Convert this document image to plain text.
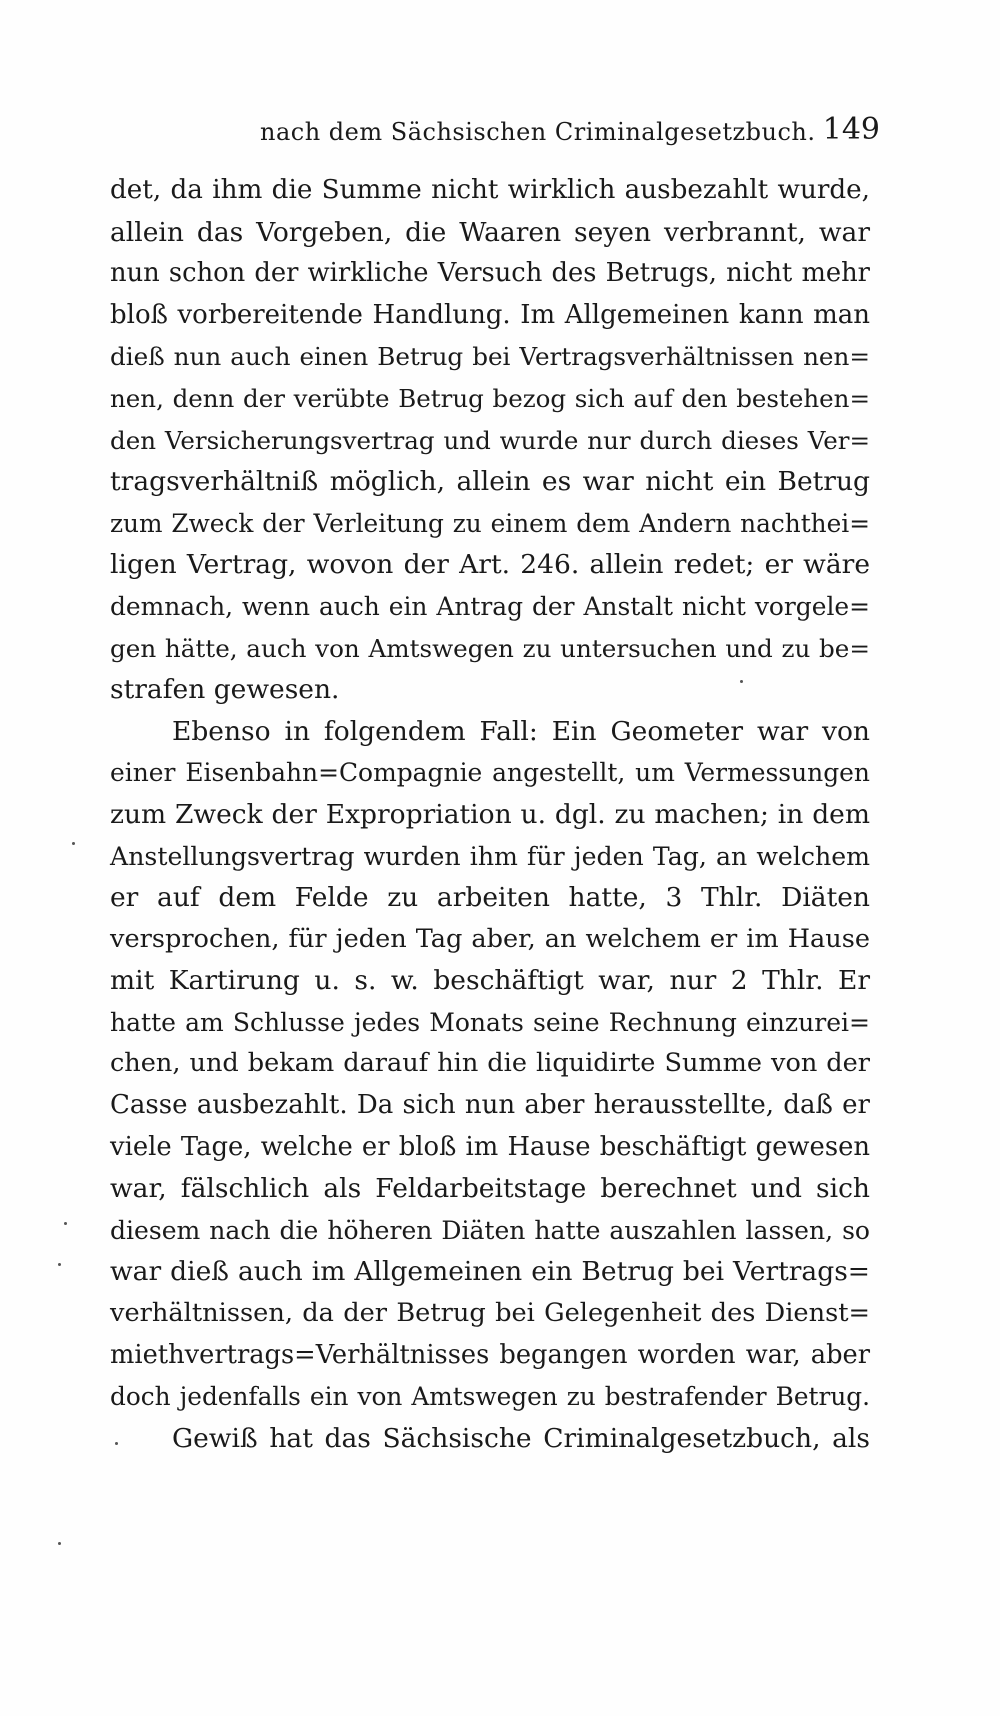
nach dem Sächsischen Criminalgesetzbuch. 149
det, da ihm die Summe nicht wirklich ausbezahlt wurde,
allein das Vorgeben, die Waaren seyen verbrannt, war
nun schon der wirkliche Versuch des Betrugs, nicht mehr
bloß vorbereitende Handlung. Im Allgemeinen kann man
dieß nun auch einen Betrug bei Vertragsverhältnissen nen=
nen, denn der verübte Betrug bezog sich auf den bestehen=
den Versicherungsvertrag und wurde nur durch dieses Ver=
tragsverhältniß möglich, allein es war nicht ein Betrug
zum Zweck der Verleitung zu einem dem Andern nachthei=
ligen Vertrag, wovon der Art. 246. allein redet; er wäre
demnach, wenn auch ein Antrag der Anstalt nicht vorgele=
gen hätte, auch von Amtswegen zu untersuchen und zu be=
strafen gewesen.
Ebenso in folgendem Fall: Ein Geometer war von
einer Eisenbahn=Compagnie angestellt, um Vermessungen
zum Zweck der Expropriation u. dgl. zu machen; in dem
Anstellungsvertrag wurden ihm für jeden Tag, an welchem
er auf dem Felde zu arbeiten hatte, 3 Thlr. Diäten
versprochen, für jeden Tag aber, an welchem er im Hause
mit Kartirung u. s. w. beschäftigt war, nur 2 Thlr. Er
hatte am Schlusse jedes Monats seine Rechnung einzurei=
chen, und bekam darauf hin die liquidirte Summe von der
Casse ausbezahlt. Da sich nun aber herausstellte, daß er
viele Tage, welche er bloß im Hause beschäftigt gewesen
war, fälschlich als Feldarbeitstage berechnet und sich
diesem nach die höheren Diäten hatte auszahlen lassen, so
war dieß auch im Allgemeinen ein Betrug bei Vertrags=
verhältnissen, da der Betrug bei Gelegenheit des Dienst=
miethvertrags=Verhältnisses begangen worden war, aber
doch jedenfalls ein von Amtswegen zu bestrafender Betrug.
Gewiß hat das Sächsische Criminalgesetzbuch, als
